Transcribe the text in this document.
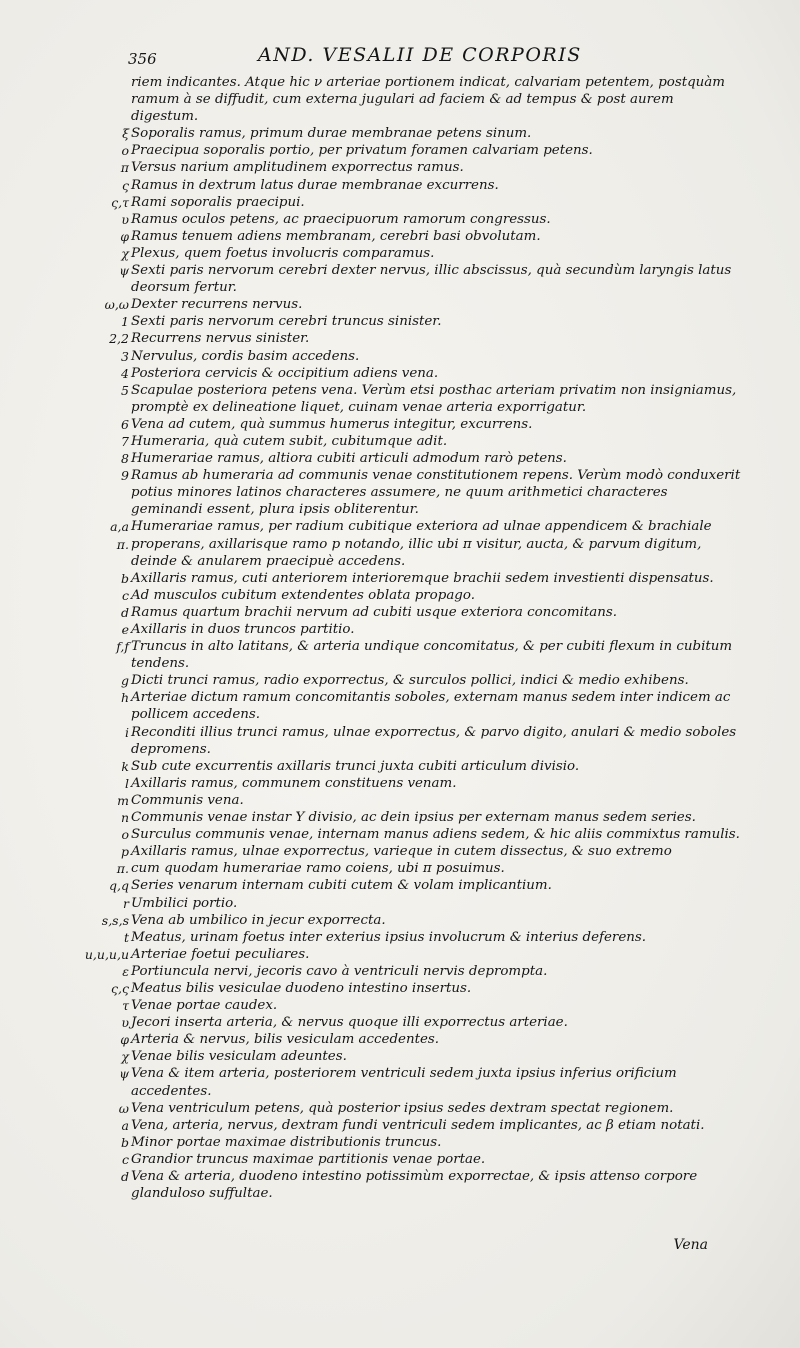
356	AND. VESALII DE CORPORIS
riem indicantes. Atque hic ν arteriae portionem indicat, calvariam petentem, postquàm ramum à se diffudit, cum externa jugulari ad faciem & ad tempus & post aurem digestum.
ξ Soporalis ramus, primum durae membranae petens sinum.
ο Praecipua soporalis portio, per privatum foramen calvariam petens.
π Versus narium amplitudinem exporrectus ramus.
ς Ramus in dextrum latus durae membranae excurrens.
ς,τ Rami soporalis praecipui.
υ Ramus oculos petens, ac praecipuorum ramorum congressus.
φ Ramus tenuem adiens membranam, cerebri basi obvolutam.
χ Plexus, quem foetus involucris comparamus.
ψ Sexti paris nervorum cerebri dexter nervus, illic abscissus, quà secundùm laryngis latus deorsum fertur.
ω,ω Dexter recurrens nervus.
1 Sexti paris nervorum cerebri truncus sinister.
2,2 Recurrens nervus sinister.
3 Nervulus, cordis basim accedens.
4 Posteriora cervicis & occipitium adiens vena.
5 Scapulae posteriora petens vena. Verùm etsi posthac arteriam privatim non insigniamus, promptè ex delineatione liquet, cuinam venae arteria exporrigatur.
6 Vena ad cutem, quà summus humerus integitur, excurrens.
7 Humeraria, quà cutem subit, cubitumque adit.
8 Humerariae ramus, altiora cubiti articuli admodum rarò petens.
9 Ramus ab humeraria ad communis venae constitutionem repens. Verùm modò conduxerit potius minores latinos characteres assumere, ne quum arithmetici characteres geminandi essent, plura ipsis obliterentur.
a,a Humerariae ramus, per radium cubitique exteriora ad ulnae appendicem & brachiale
π. properans, axillarisque ramo p notando, illic ubi π visitur, aucta, & parvum digitum, deinde & anularem praecipuè accedens.
b Axillaris ramus, cuti anteriorem interioremque brachii sedem investienti dispensatus.
c Ad musculos cubitum extendentes oblata propago.
d Ramus quartum brachii nervum ad cubiti usque exteriora concomitans.
e Axillaris in duos truncos partitio.
f,f Truncus in alto latitans, & arteria undique concomitatus, & per cubiti flexum in cubitum tendens.
g Dicti trunci ramus, radio exporrectus, & surculos pollici, indici & medio exhibens.
h Arteriae dictum ramum concomitantis soboles, externam manus sedem inter indicem ac pollicem accedens.
i Reconditi illius trunci ramus, ulnae exporrectus, & parvo digito, anulari & medio soboles depromens.
k Sub cute excurrentis axillaris trunci juxta cubiti articulum divisio.
l Axillaris ramus, communem constituens venam.
m Communis vena.
n Communis venae instar Y divisio, ac dein ipsius per externam manus sedem series.
o Surculus communis venae, internam manus adiens sedem, & hic aliis commixtus ramulis.
p Axillaris ramus, ulnae exporrectus, varieque in cutem dissectus, & suo extremo
π. cum quodam humerariae ramo coiens, ubi π posuimus.
q,q Series venarum internam cubiti cutem & volam implicantium.
r Umbilici portio.
s,s,s Vena ab umbilico in jecur exporrecta.
t Meatus, urinam foetus inter exterius ipsius involucrum & interius deferens.
u,u,u,u Arteriae foetui peculiares.
ε Portiuncula nervi, jecoris cavo à ventriculi nervis deprompta.
ς,ς Meatus bilis vesiculae duodeno intestino insertus.
τ Venae portae caudex.
υ Jecori inserta arteria, & nervus quoque illi exporrectus arteriae.
φ Arteria & nervus, bilis vesiculam accedentes.
χ Venae bilis vesiculam adeuntes.
ψ Vena & item arteria, posteriorem ventriculi sedem juxta ipsius inferius orificium accedentes.
ω Vena ventriculum petens, quà posterior ipsius sedes dextram spectat regionem.
a Vena, arteria, nervus, dextram fundi ventriculi sedem implicantes, ac β etiam notati.
b Minor portae maximae distributionis truncus.
c Grandior truncus maximae partitionis venae portae.
d Vena & arteria, duodeno intestino potissimùm exporrectae, & ipsis attenso corpore glanduloso suffultae.
Vena
